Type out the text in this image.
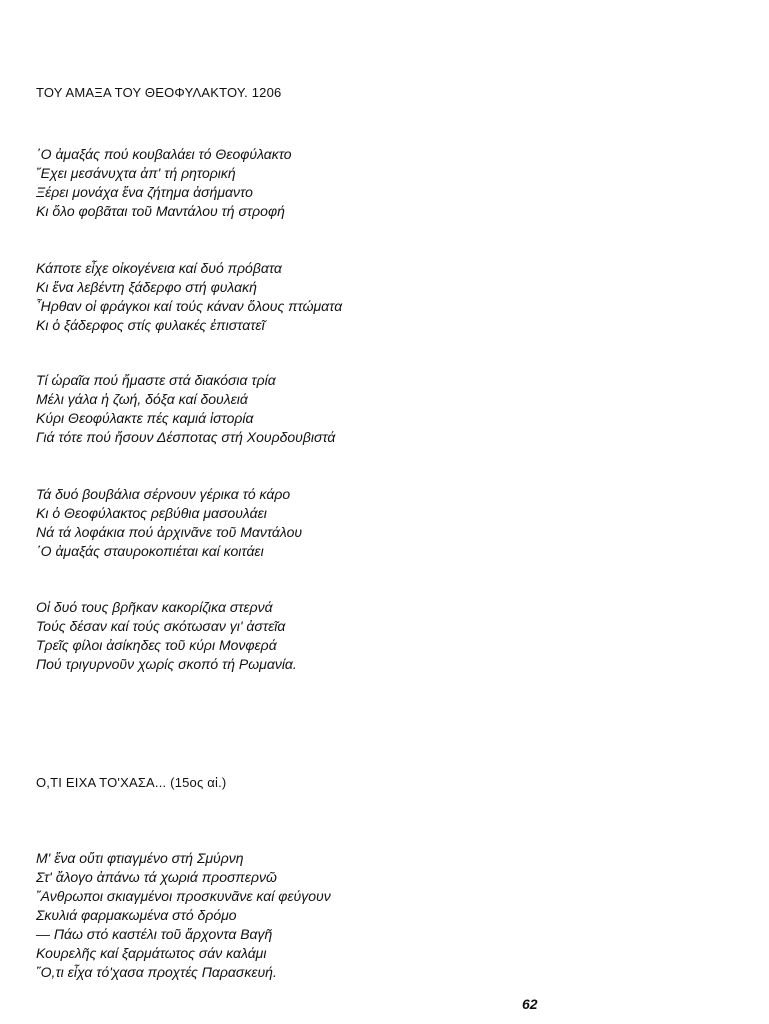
ΤΟΥ ΑΜΑΞΑ ΤΟΥ ΘΕΟΦΥΛΑΚΤΟΥ. 1206
῾Ο ἀμαξάς πού κουβαλάει τό Θεοφύλακτο
῎Εχει μεσάνυχτα ἀπ' τή ρητορική
Ξέρει μονάχα ἕνα ζήτημα ἀσήμαντο
Κι ὅλο φοβᾶται τοῦ Μαντάλου τή στροφή
Κάποτε εἶχε οἰκογένεια καί δυό πρόβατα
Κι ἕνα λεβέντη ξάδερφο στή φυλακή
῏Ηρθαν οἱ φράγκοι καί τούς κάναν ὅλους πτώματα
Κι ὁ ξάδερφος στίς φυλακές ἐπιστατεῖ
Τί ὡραῖα πού ἤμαστε στά διακόσια τρία
Μέλι γάλα ἡ ζωή, δόξα καί δουλειά
Κύρι Θεοφύλακτε πές καμιά ἱστορία
Γιά τότε πού ἤσουν Δέσποτας στή Χουρδουβιστά
Τά δυό βουβάλια σέρνουν γέρικα τό κάρο
Κι ὁ Θεοφύλακτος ρεβύθια μασουλάει
Νά τά λοφάκια πού ἀρχινᾶνε τοῦ Μαντάλου
῾Ο ἀμαξάς σταυροκοπιέται καί κοιτάει
Οἱ δυό τους βρῆκαν κακορίζικα στερνά
Τούς δέσαν καί τούς σκότωσαν γι' ἀστεῖα
Τρεῖς φίλοι ἀσίκηδες τοῦ κύρι Μονφερά
Πού τριγυρνοῦν χωρίς σκοπό τή Ρωμανία.
Ο,ΤΙ ΕΙΧΑ ΤΟ'ΧΑΣΑ... (15ος αἰ.)
Μ' ἕνα οὔτι φτιαγμένο στή Σμύρνη
Στ' ἄλογο ἀπάνω τά χωριά προσπερνῶ
῎Ανθρωποι σκιαγμένοι προσκυνᾶνε καί φεύγουν
Σκυλιά φαρμακωμένα στό δρόμο
— Πάω στό καστέλι τοῦ ἄρχοντα Βαγῆ
Κουρελῆς καί ξαρμάτωτος σάν καλάμι
῞Ο,τι εἶχα τό'χασα προχτές Παρασκευή.
62
